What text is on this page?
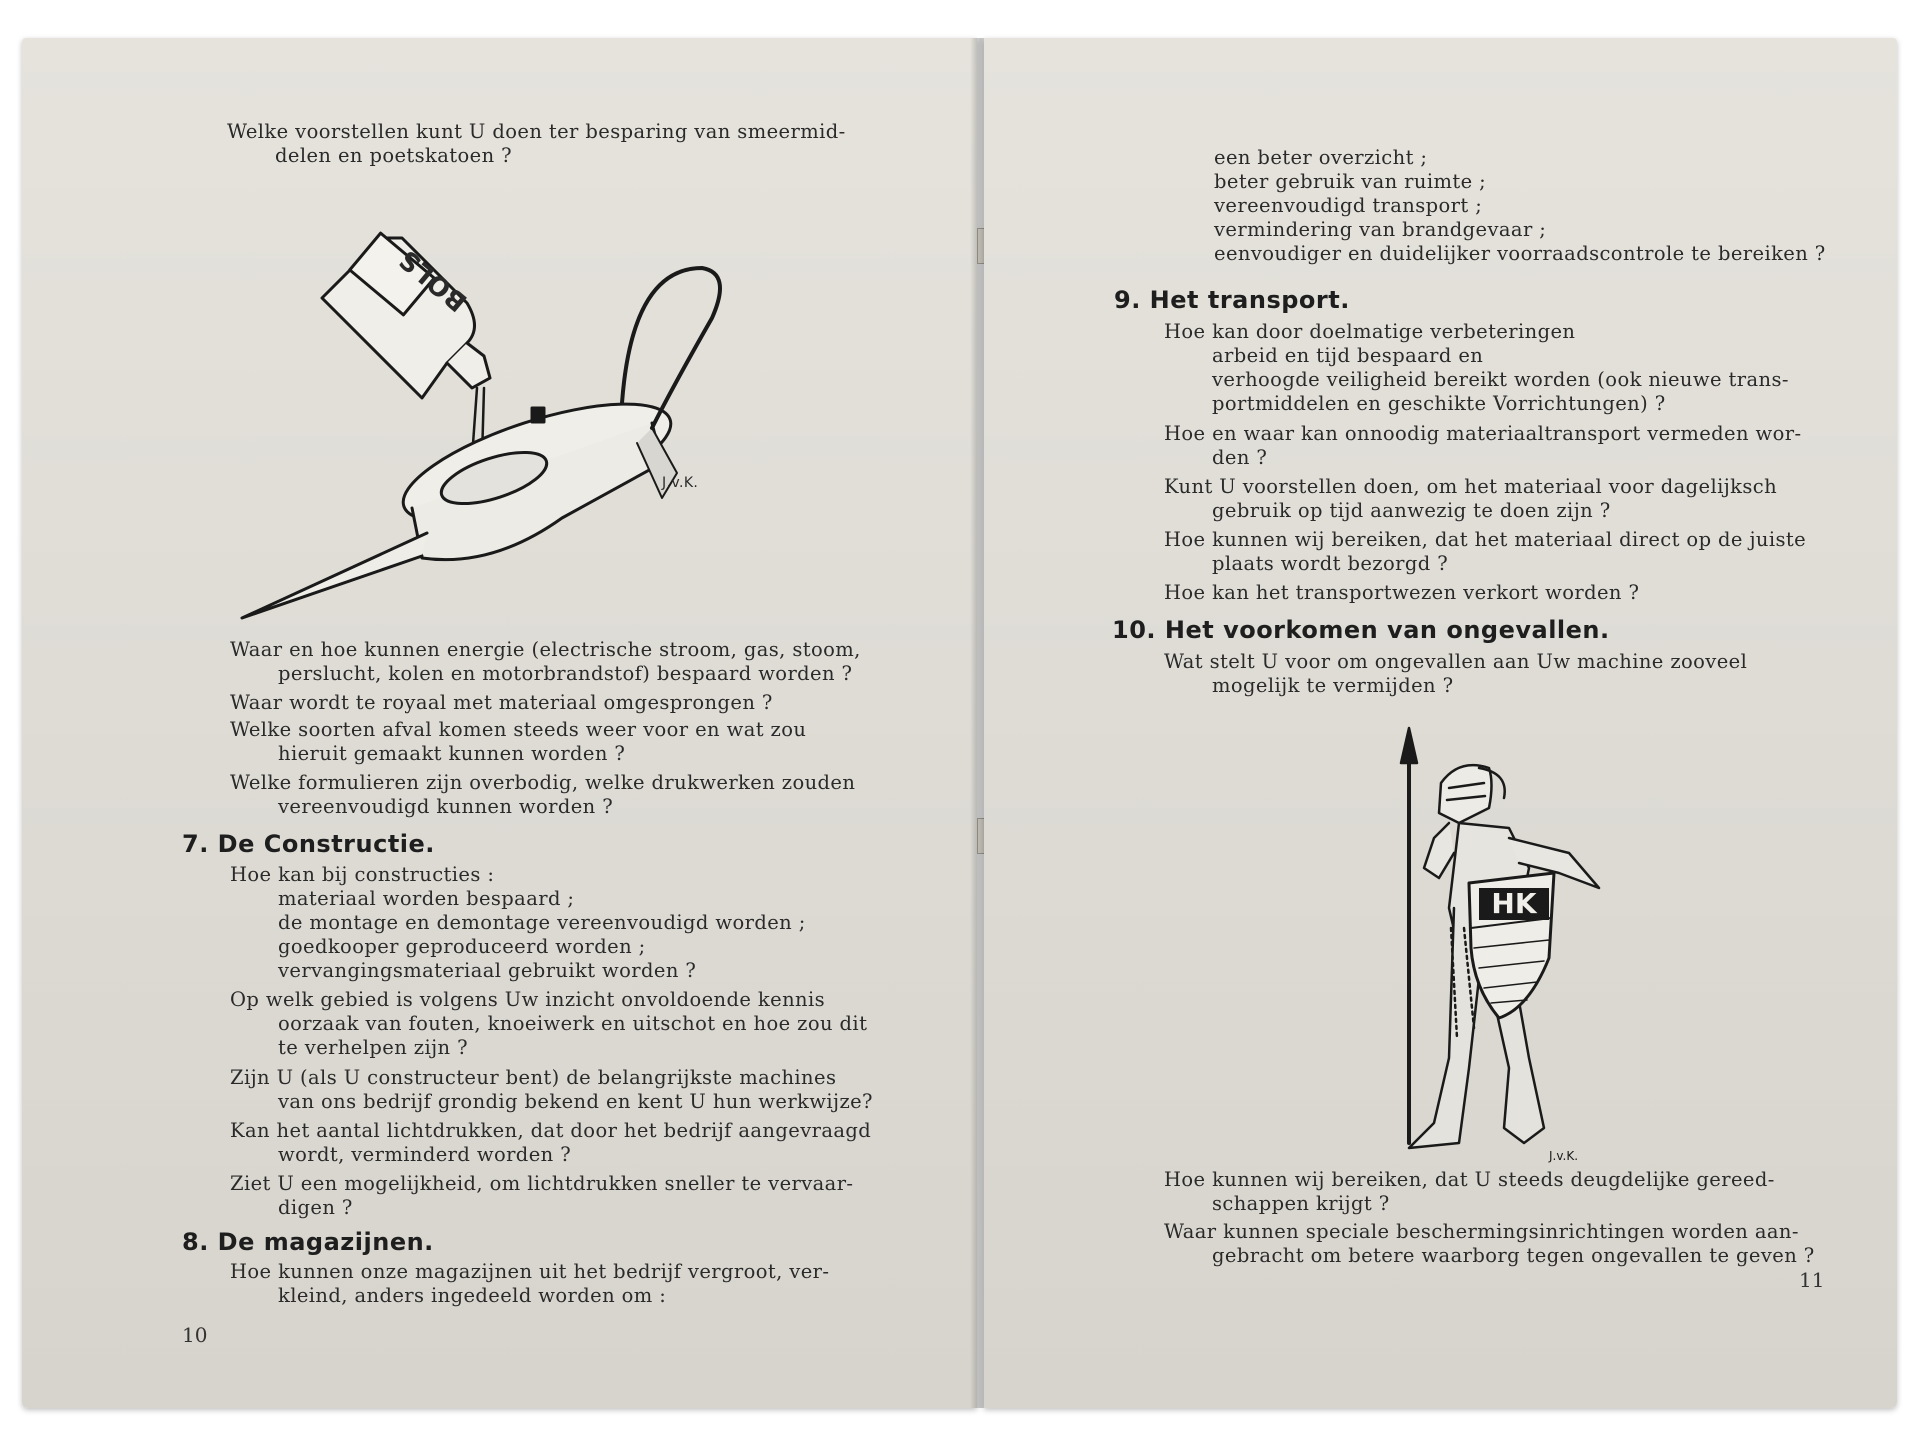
Welke voorstellen kunt U doen ter besparing van smeermid-
delen en poetskatoen ?

J.v.K.
BOLS

Waar en hoe kunnen energie (electrische stroom, gas, stoom,
perslucht, kolen en motorbrandstof) bespaard worden ?

Waar wordt te royaal met materiaal omgesprongen ?

Welke soorten afval komen steeds weer voor en wat zou
hieruit gemaakt kunnen worden ?

Welke formulieren zijn overbodig, welke drukwerken zouden
vereenvoudigd kunnen worden ?

7. De Constructie.

Hoe kan bij constructies :
materiaal worden bespaard ;
de montage en demontage vereenvoudigd worden ;
goedkooper geproduceerd worden ;
vervangingsmateriaal gebruikt worden ?

Op welk gebied is volgens Uw inzicht onvoldoende kennis
oorzaak van fouten, knoeiwerk en uitschot en hoe zou dit
te verhelpen zijn ?

Zijn U (als U constructeur bent) de belangrijkste machines
van ons bedrijf grondig bekend en kent U hun werkwijze?

Kan het aantal lichtdrukken, dat door het bedrijf aangevraagd
wordt, verminderd worden ?

Ziet U een mogelijkheid, om lichtdrukken sneller te vervaar-
digen ?

8. De magazijnen.

Hoe kunnen onze magazijnen uit het bedrijf vergroot, ver-
kleind, anders ingedeeld worden om :

10

een beter overzicht ;
beter gebruik van ruimte ;
vereenvoudigd transport ;
vermindering van brandgevaar ;
eenvoudiger en duidelijker voorraadscontrole te bereiken ?

9. Het transport.

Hoe kan door doelmatige verbeteringen
arbeid en tijd bespaard en
verhoogde veiligheid bereikt worden (ook nieuwe trans-
portmiddelen en geschikte Vorrichtungen) ?

Hoe en waar kan onnoodig materiaaltransport vermeden wor-
den ?

Kunt U voorstellen doen, om het materiaal voor dagelijksch
gebruik op tijd aanwezig te doen zijn ?

Hoe kunnen wij bereiken, dat het materiaal direct op de juiste
plaats wordt bezorgd ?

Hoe kan het transportwezen verkort worden ?

10. Het voorkomen van ongevallen.

Wat stelt U voor om ongevallen aan Uw machine zooveel
mogelijk te vermijden ?

HK
J.v.K.

Hoe kunnen wij bereiken, dat U steeds deugdelijke gereed-
schappen krijgt ?

Waar kunnen speciale beschermingsinrichtingen worden aan-
gebracht om betere waarborg tegen ongevallen te geven ?

11
